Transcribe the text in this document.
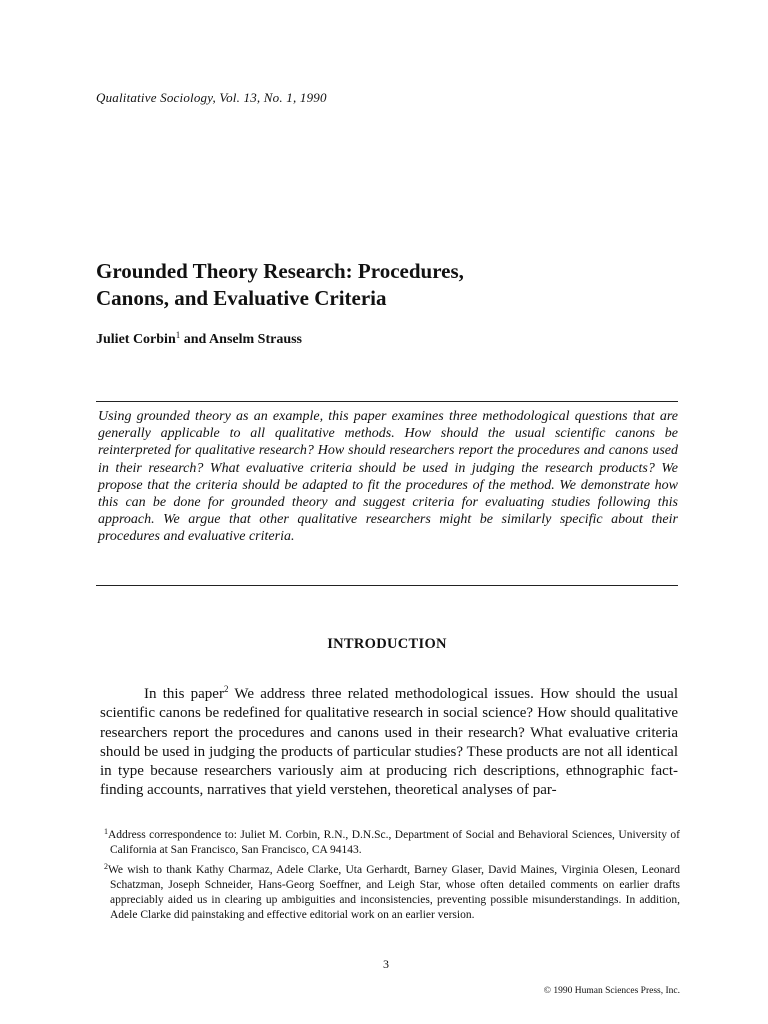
Qualitative Sociology, Vol. 13, No. 1, 1990
Grounded Theory Research: Procedures,
Canons, and Evaluative Criteria
Juliet Corbin$^1$ and Anselm Strauss
Using grounded theory as an example, this paper examines three methodological questions that are generally applicable to all qualitative methods. How should the usual scientific canons be reinterpreted for qualitative research? How should researchers report the procedures and canons used in their research? What evaluative criteria should be used in judging the research products? We propose that the criteria should be adapted to fit the procedures of the method. We demonstrate how this can be done for grounded theory and suggest criteria for evaluating studies following this approach. We argue that other qualitative researchers might be similarly specific about their procedures and evaluative criteria.
INTRODUCTION
In this paper$^2$ We address three related methodological issues. How should the usual scientific canons be redefined for qualitative research in social science? How should qualitative researchers report the procedures and canons used in their research? What evaluative criteria should be used in judging the products of particular studies? These products are not all identical in type because researchers variously aim at producing rich descriptions, ethnographic fact-finding accounts, narratives that yield verstehen, theoretical analyses of par-

$^1$Address correspondence to: Juliet M. Corbin, R.N., D.N.Sc., Department of Social and Behavioral Sciences, University of California at San Francisco, San Francisco, CA 94143.

$^2$We wish to thank Kathy Charmaz, Adele Clarke, Uta Gerhardt, Barney Glaser, David Maines, Virginia Olesen, Leonard Schatzman, Joseph Schneider, Hans-Georg Soeffner, and Leigh Star, whose often detailed comments on earlier drafts appreciably aided us in clearing up ambiguities and inconsistencies, preventing possible misunderstandings. In addition, Adele Clarke did painstaking and effective editorial work on an earlier version.

3
© 1990 Human Sciences Press, Inc.
